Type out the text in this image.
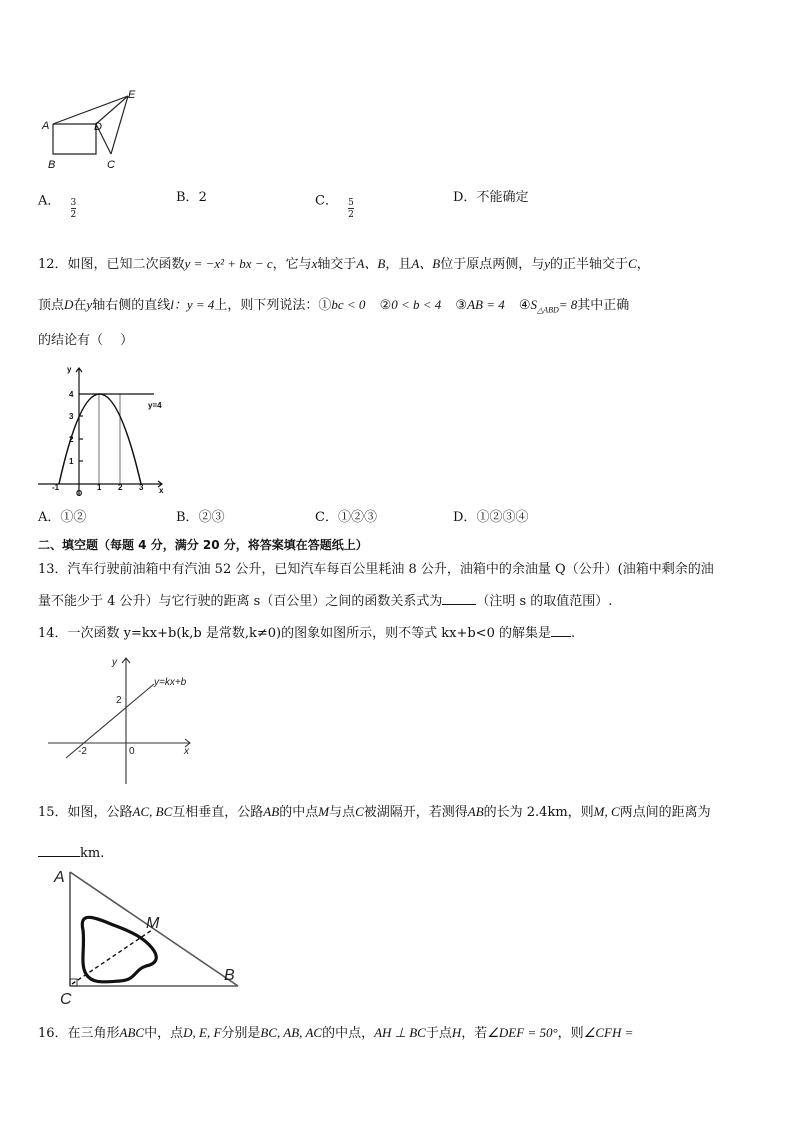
A
B	C
D
E
A． $\frac{3}{2}$
B．2	C． $\frac{5}{2}$
D．不能确定
12．如图，已知二次函数y = −x² + bx − c，它与x轴交于A、B，且A、B位于原点两侧，与y的正半轴交于C，
顶点D在y轴右侧的直线l：y = 4上，则下列说法：①bc < 0 ②0 < b < 4 ③AB = 4 $④S_{\triangle ABD}= 8$其中正确
的结论有（　 ）
y
4
3
2
1
-1
O
1 2 3 x
y=4
A．①②	B．②③	C．①②③	D．①②③④
二、填空题（每题 4 分，满分 20 分，将答案填在答题纸上）
13．汽车行驶前油箱中有汽油 52 公升，已知汽车每百公里耗油 8 公升，油箱中的余油量 Q（公升）(油箱中剩余的油
量不能少于 4 公升）与它行驶的距离 s（百公里）之间的函数关系式为	（注明 s 的取值范围）.
14．一次函数 y=kx+b(k,b 是常数,k≠0)的图象如图所示，则不等式 kx+b<0 的解集是 .
y
x
y=kx+b
2
-2	0
15．如图，公路AC, BC互相垂直，公路AB的中点M与点C被湖隔开，若测得AB的长为 2.4km，则M, C两点间的距离为
km.
A
M
B
C
16．在三角形ABC中，点D, E, F分别是BC, AB, AC的中点，AH ⊥ BC于点H，若∠DEF = 50°，则∠CFH =
